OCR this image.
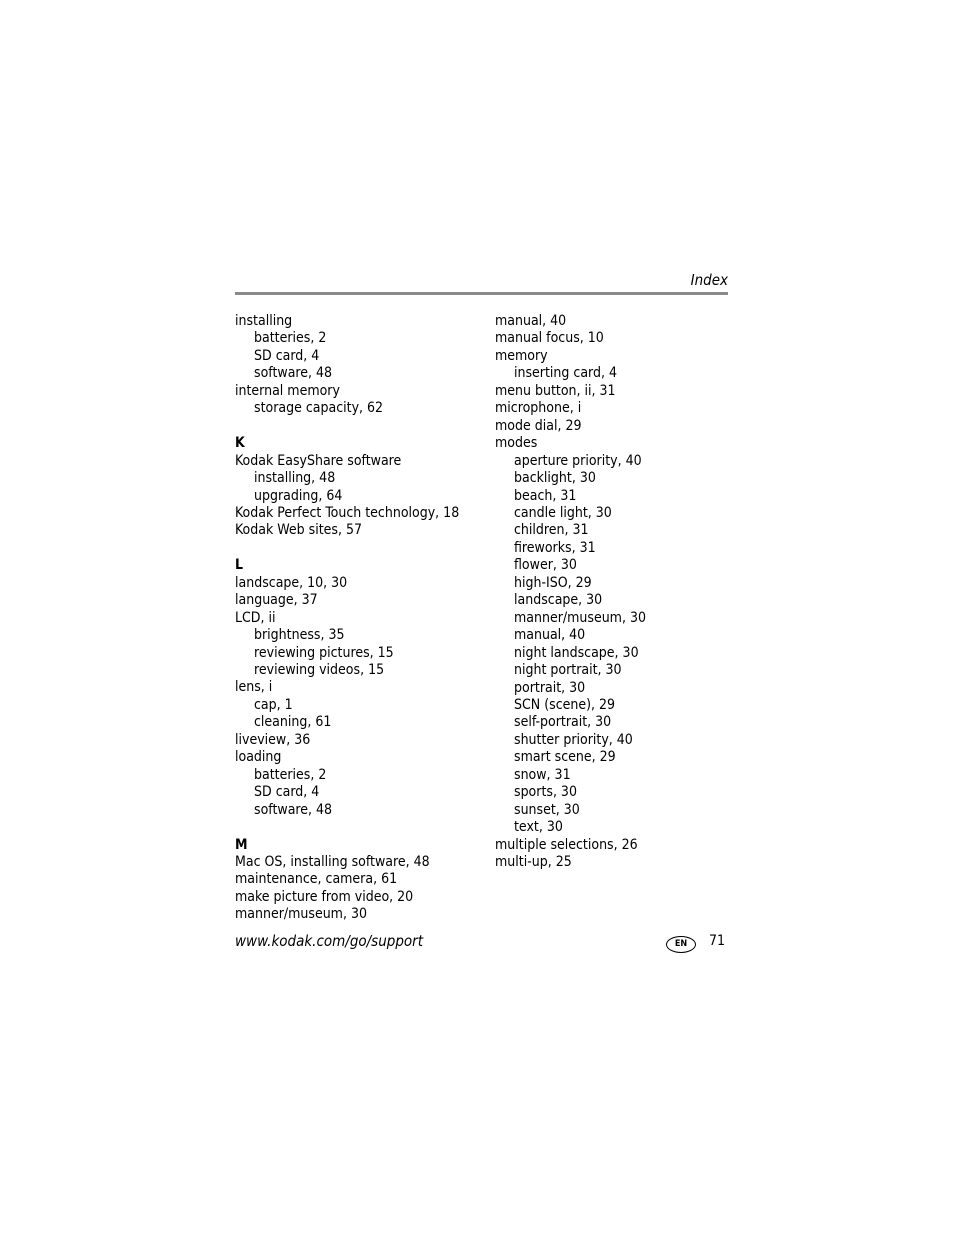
Index
installing
batteries, 2
SD card, 4
software, 48
internal memory
storage capacity, 62
K
Kodak EasyShare software
installing, 48
upgrading, 64
Kodak Perfect Touch technology, 18
Kodak Web sites, 57
L
landscape, 10, 30
language, 37
LCD, ii
brightness, 35
reviewing pictures, 15
reviewing videos, 15
lens, i
cap, 1
cleaning, 61
liveview, 36
loading
batteries, 2
SD card, 4
software, 48
M
Mac OS, installing software, 48
maintenance, camera, 61
make picture from video, 20
manner/museum, 30
manual, 40
manual focus, 10
memory
inserting card, 4
menu button, ii, 31
microphone, i
mode dial, 29
modes
aperture priority, 40
backlight, 30
beach, 31
candle light, 30
children, 31
fireworks, 31
flower, 30
high-ISO, 29
landscape, 30
manner/museum, 30
manual, 40
night landscape, 30
night portrait, 30
portrait, 30
SCN (scene), 29
self-portrait, 30
shutter priority, 40
smart scene, 29
snow, 31
sports, 30
sunset, 30
text, 30
multiple selections, 26
multi-up, 25
www.kodak.com/go/support	EN	71
